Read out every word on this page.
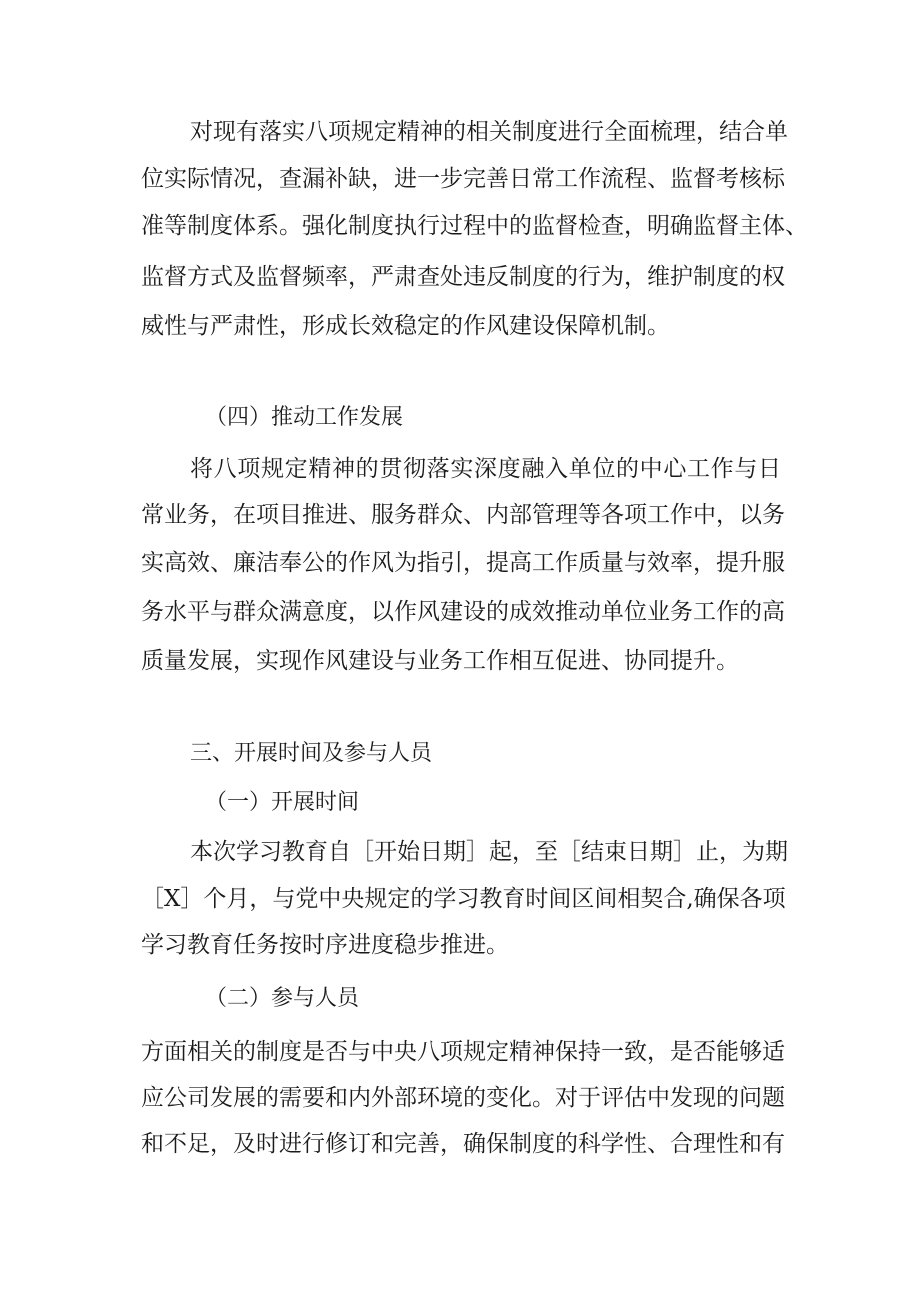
对现有落实八项规定精神的相关制度进行全面梳理，结合单
位实际情况，查漏补缺，进一步完善日常工作流程、监督考核标
准等制度体系。强化制度执行过程中的监督检查，明确监督主体、
监督方式及监督频率，严肃查处违反制度的行为，维护制度的权
威性与严肃性，形成长效稳定的作风建设保障机制。
（四）推动工作发展
将八项规定精神的贯彻落实深度融入单位的中心工作与日
常业务，在项目推进、服务群众、内部管理等各项工作中，以务
实高效、廉洁奉公的作风为指引，提高工作质量与效率，提升服
务水平与群众满意度，以作风建设的成效推动单位业务工作的高
质量发展，实现作风建设与业务工作相互促进、协同提升。
三、开展时间及参与人员
（一）开展时间
本次学习教育自［开始日期］起，至［结束日期］止，为期
［X］个月，与党中央规定的学习教育时间区间相契合,确保各项
学习教育任务按时序进度稳步推进。
（二）参与人员
方面相关的制度是否与中央八项规定精神保持一致，是否能够适
应公司发展的需要和内外部环境的变化。对于评估中发现的问题
和不足，及时进行修订和完善，确保制度的科学性、合理性和有
